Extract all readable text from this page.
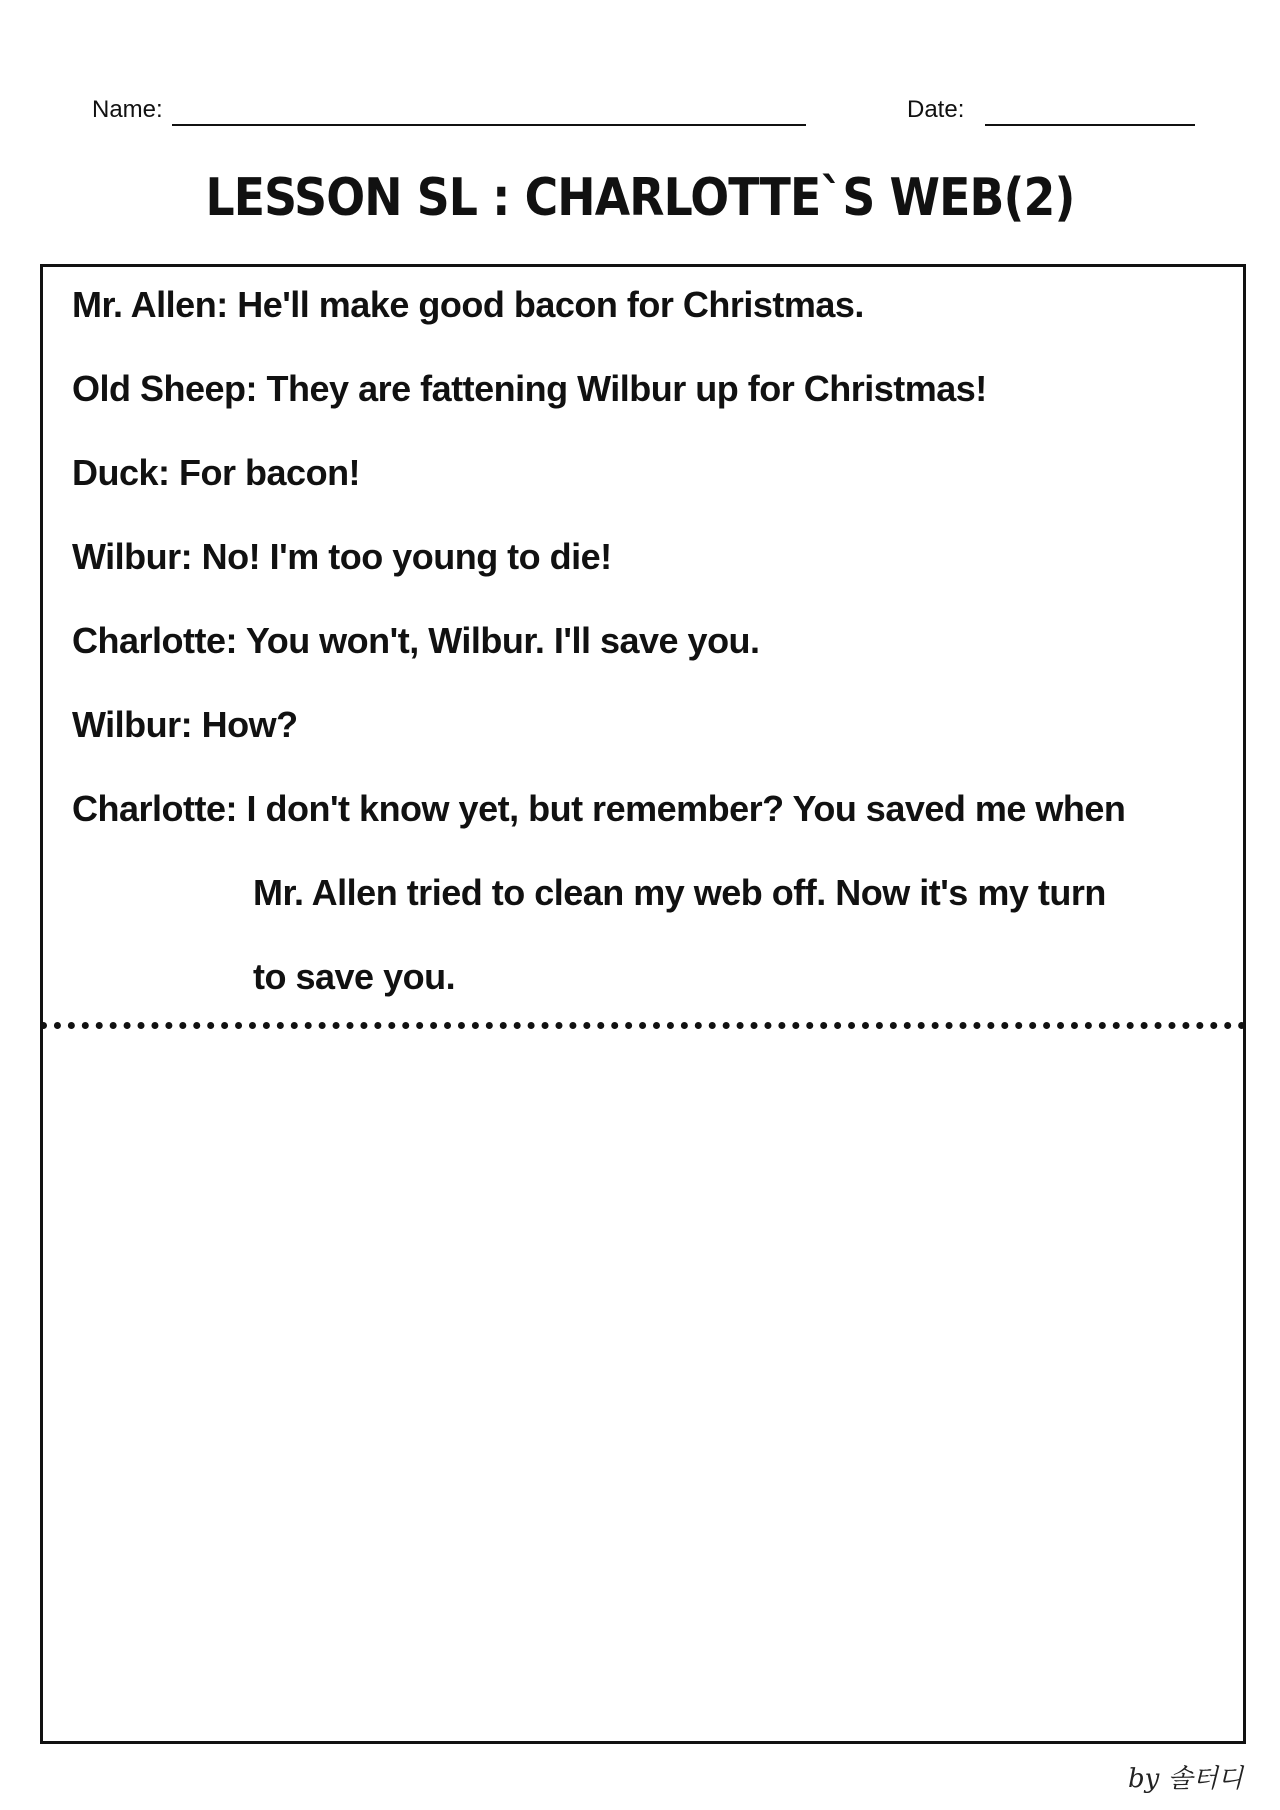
Name:	Date:
LESSON SL : CHARLOTTE`S WEB(2)
Mr. Allen: He'll make good bacon for Christmas.
Old Sheep: They are fattening Wilbur up for Christmas!
Duck: For bacon!
Wilbur: No! I'm too young to die!
Charlotte: You won't, Wilbur. I'll save you.
Wilbur: How?
Charlotte: I don't know yet, but remember? You saved me when
Mr. Allen tried to clean my web off. Now it's my turn
to save you.
by 솔터디
